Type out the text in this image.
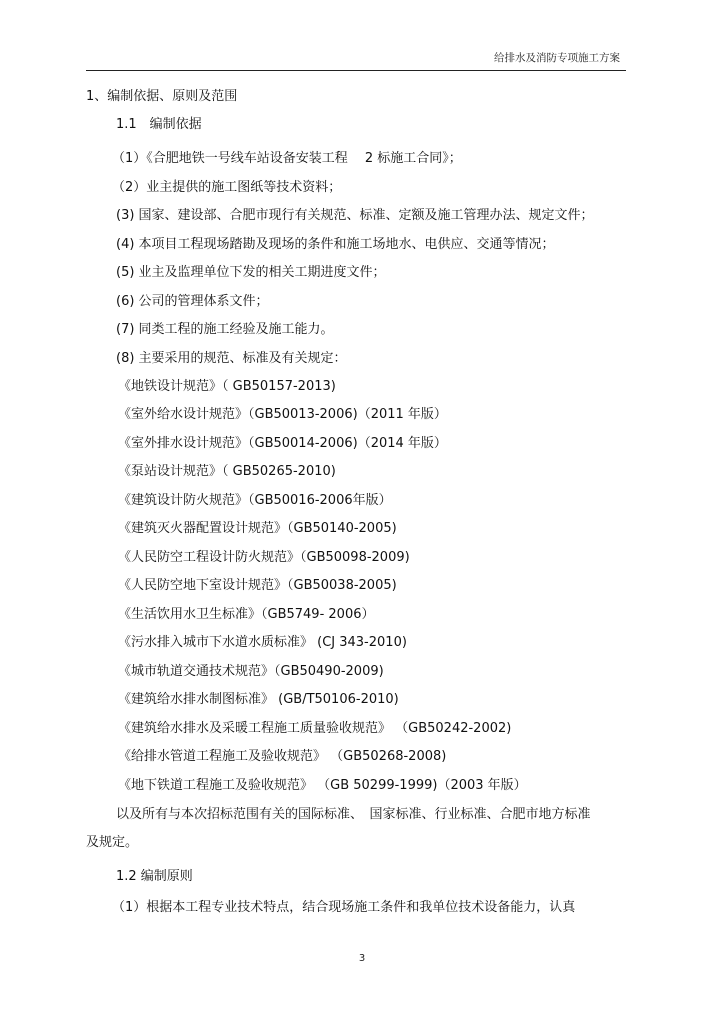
给排水及消防专项施工方案
1、编制依据、原则及范围
1.1　编制依据
（1）《合肥地铁一号线车站设备安装工程　 2 标施工合同》；
（2）业主提供的施工图纸等技术资料；
(3) 国家、建设部、合肥市现行有关规范、标准、定额及施工管理办法、规定文件；
(4) 本项目工程现场踏勘及现场的条件和施工场地水、电供应、交通等情况；
(5) 业主及监理单位下发的相关工期进度文件；
(6) 公司的管理体系文件；
(7) 同类工程的施工经验及施工能力。
(8) 主要采用的规范、标准及有关规定：
《地铁设计规范》（ GB50157-2013)
《室外给水设计规范》（GB50013-2006)（2011 年版）
《室外排水设计规范》（GB50014-2006)（2014 年版）
《泵站设计规范》（ GB50265-2010)
《建筑设计防火规范》（GB50016-2006年版）
《建筑灭火器配置设计规范》（GB50140-2005)
《人民防空工程设计防火规范》（GB50098-2009)
《人民防空地下室设计规范》（GB50038-2005)
《生活饮用水卫生标准》（GB5749- 2006）
《污水排入城市下水道水质标准》 (CJ 343-2010)
《城市轨道交通技术规范》（GB50490-2009)
《建筑给水排水制图标准》 (GB/T50106-2010)
《建筑给水排水及采暖工程施工质量验收规范》 （GB50242-2002)
《给排水管道工程施工及验收规范》 （GB50268-2008)
《地下铁道工程施工及验收规范》 （GB 50299-1999)（2003 年版）
以及所有与本次招标范围有关的国际标准、　国家标准、行业标准、合肥市地方标准
及规定。
1.2 编制原则
（1）根据本工程专业技术特点，结合现场施工条件和我单位技术设备能力，认真
3
